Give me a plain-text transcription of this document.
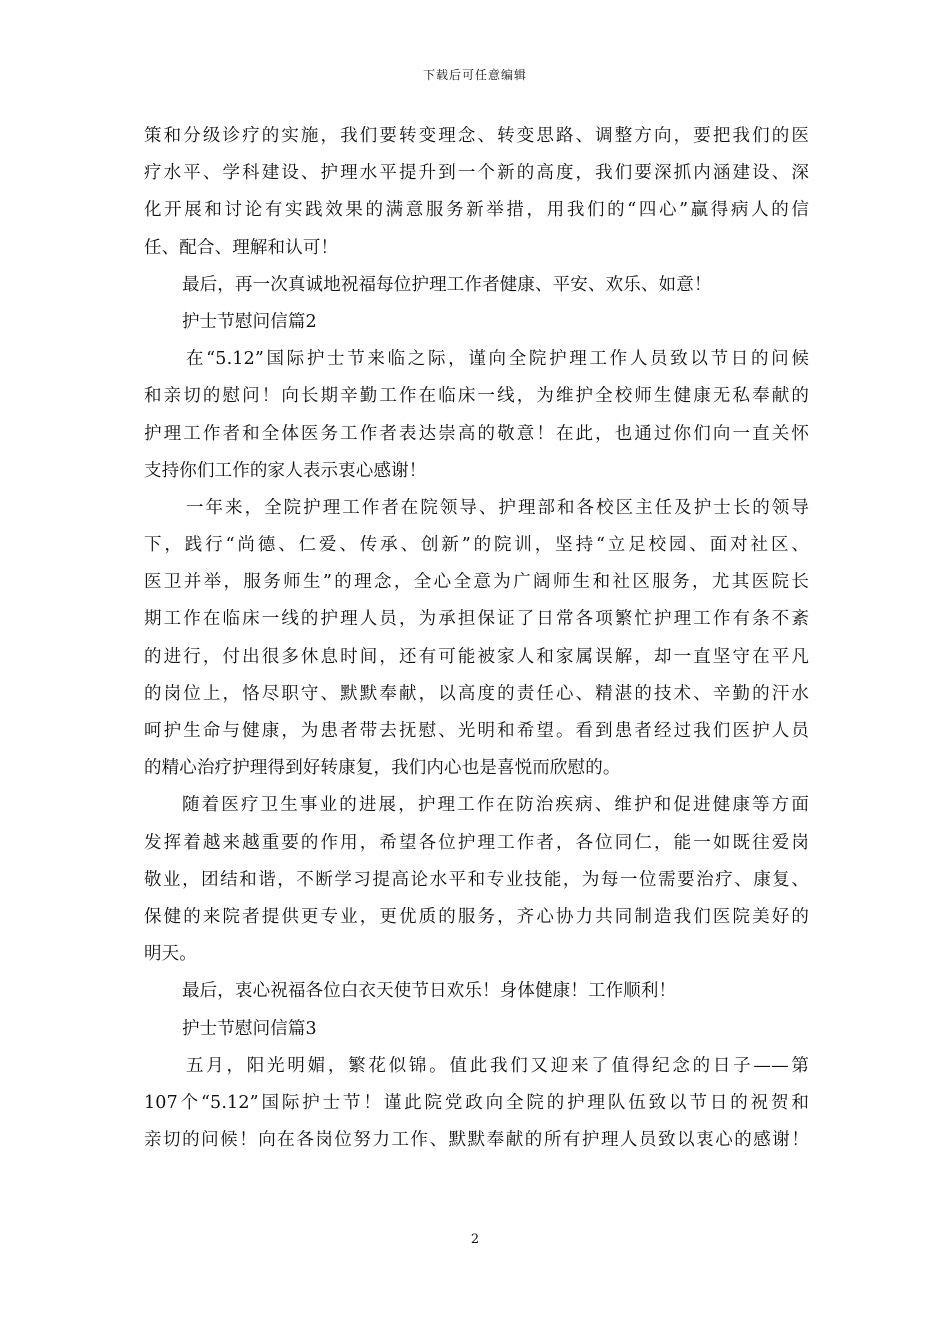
下载后可任意编辑
策和分级诊疗的实施，我们要转变理念、转变思路、调整方向，要把我们的医
疗水平、学科建设、护理水平提升到一个新的高度，我们要深抓内涵建设、深
化开展和讨论有实践效果的满意服务新举措，用我们的“四心”赢得病人的信
任、配合、理解和认可！
最后，再一次真诚地祝福每位护理工作者健康、平安、欢乐、如意！
护士节慰问信篇2
在“5.12”国际护士节来临之际，谨向全院护理工作人员致以节日的问候
和亲切的慰问！向长期辛勤工作在临床一线，为维护全校师生健康无私奉献的
护理工作者和全体医务工作者表达崇高的敬意！在此，也通过你们向一直关怀
支持你们工作的家人表示衷心感谢！
一年来，全院护理工作者在院领导、护理部和各校区主任及护士长的领导
下，践行“尚德、仁爱、传承、创新”的院训，坚持“立足校园、面对社区、
医卫并举，服务师生”的理念，全心全意为广阔师生和社区服务，尤其医院长
期工作在临床一线的护理人员，为承担保证了日常各项繁忙护理工作有条不紊
的进行，付出很多休息时间，还有可能被家人和家属误解，却一直坚守在平凡
的岗位上，恪尽职守、默默奉献，以高度的责任心、精湛的技术、辛勤的汗水
呵护生命与健康，为患者带去抚慰、光明和希望。看到患者经过我们医护人员
的精心治疗护理得到好转康复，我们内心也是喜悦而欣慰的。
随着医疗卫生事业的进展，护理工作在防治疾病、维护和促进健康等方面
发挥着越来越重要的作用，希望各位护理工作者，各位同仁，能一如既往爱岗
敬业，团结和谐，不断学习提高论水平和专业技能，为每一位需要治疗、康复、
保健的来院者提供更专业，更优质的服务，齐心协力共同制造我们医院美好的
明天。
最后，衷心祝福各位白衣天使节日欢乐！身体健康！工作顺利！
护士节慰问信篇3
五月，阳光明媚，繁花似锦。值此我们又迎来了值得纪念的日子——第
107个“5.12”国际护士节！谨此院党政向全院的护理队伍致以节日的祝贺和
亲切的问候！向在各岗位努力工作、默默奉献的所有护理人员致以衷心的感谢！
2
